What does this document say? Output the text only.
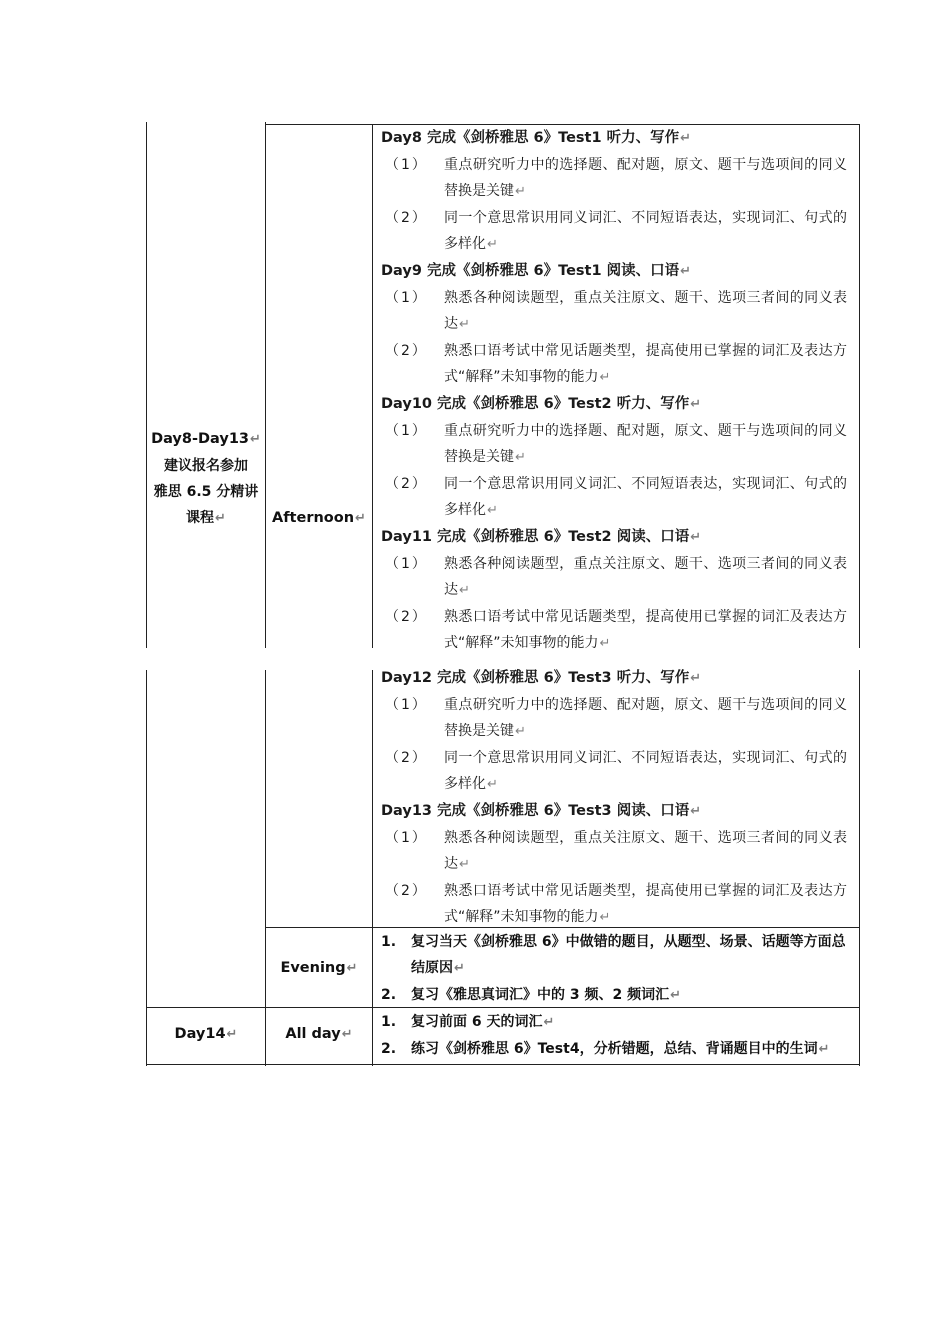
Day8-Day13↵
建议报名参加
雅思 6.5 分精讲
课程↵	Afternoon↵
Day8 完成《剑桥雅思 6》Test1 听力、写作↵
（1） 重点研究听力中的选择题、配对题，原文、题干与选项间的同义替换是关键↵
（2） 同一个意思常识用同义词汇、不同短语表达，实现词汇、句式的多样化↵
Day9 完成《剑桥雅思 6》Test1 阅读、口语↵
（1） 熟悉各种阅读题型，重点关注原文、题干、选项三者间的同义表达↵
（2） 熟悉口语考试中常见话题类型，提高使用已掌握的词汇及表达方式“解释”未知事物的能力↵
Day10 完成《剑桥雅思 6》Test2 听力、写作↵
（1） 重点研究听力中的选择题、配对题，原文、题干与选项间的同义替换是关键↵
（2） 同一个意思常识用同义词汇、不同短语表达，实现词汇、句式的多样化↵
Day11 完成《剑桥雅思 6》Test2 阅读、口语↵
（1） 熟悉各种阅读题型，重点关注原文、题干、选项三者间的同义表达↵
（2） 熟悉口语考试中常见话题类型，提高使用已掌握的词汇及表达方式“解释”未知事物的能力↵
Day12 完成《剑桥雅思 6》Test3 听力、写作↵
（1） 重点研究听力中的选择题、配对题，原文、题干与选项间的同义替换是关键↵
（2） 同一个意思常识用同义词汇、不同短语表达，实现词汇、句式的多样化↵
Day13 完成《剑桥雅思 6》Test3 阅读、口语↵
（1） 熟悉各种阅读题型，重点关注原文、题干、选项三者间的同义表达↵
（2） 熟悉口语考试中常见话题类型，提高使用已掌握的词汇及表达方式“解释”未知事物的能力↵
Evening↵
1. 复习当天《剑桥雅思 6》中做错的题目，从题型、场景、话题等方面总结原因↵
2. 复习《雅思真词汇》中的 3 频、2 频词汇↵
Day14↵	All day↵
1. 复习前面 6 天的词汇↵
2. 练习《剑桥雅思 6》Test4，分析错题，总结、背诵题目中的生词↵
